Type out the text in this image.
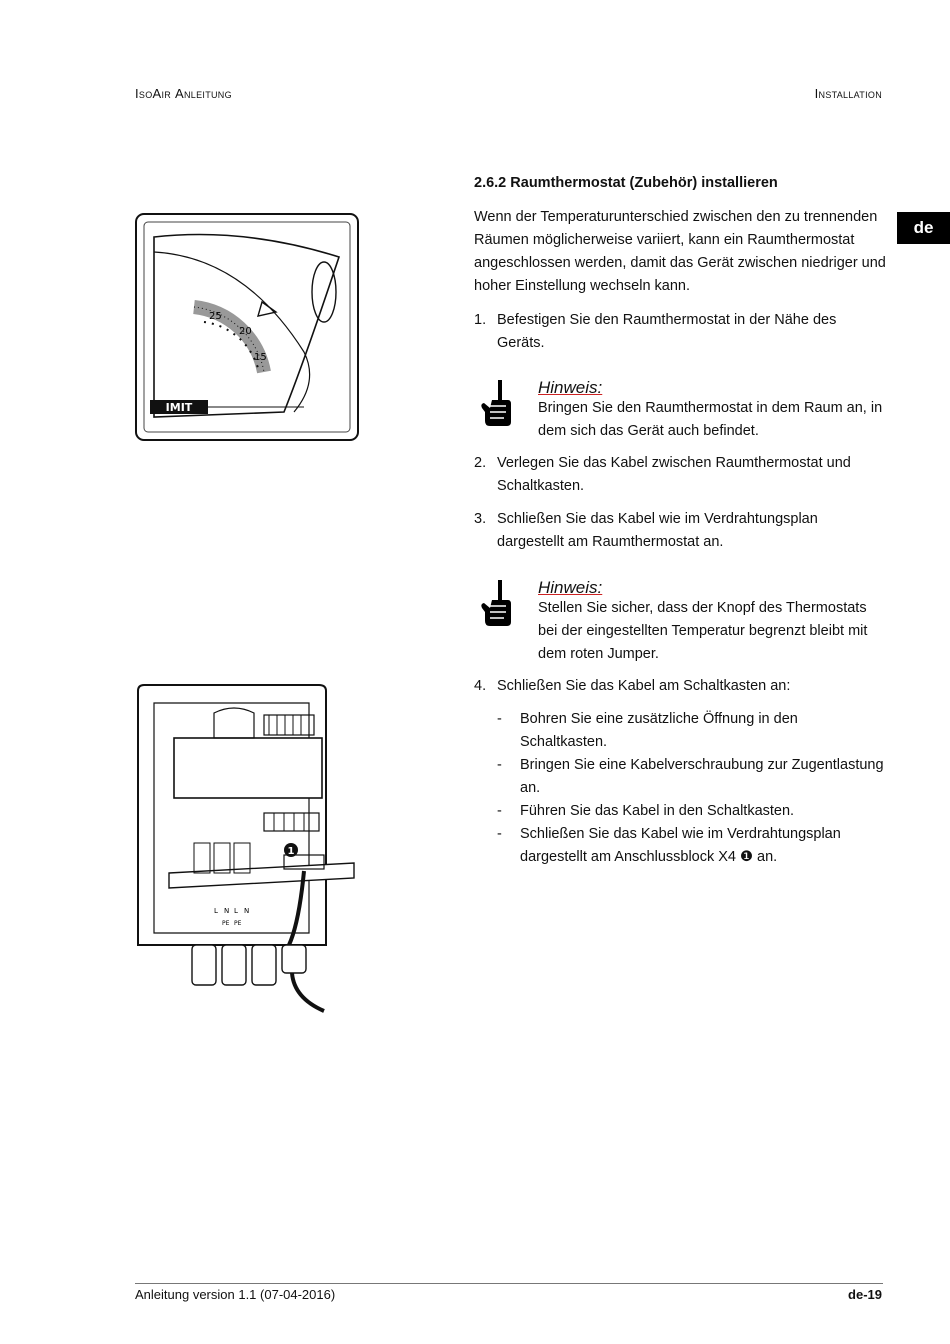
IsoAir Anleitung	Installation
de
2.6.2 Raumthermostat (Zubehör) installieren
Wenn der Temperaturunterschied zwischen den zu trennenden Räumen möglicherweise variiert, kann ein Raumthermostat angeschlossen werden, damit das Gerät zwischen niedriger und hoher Einstellung wechseln kann.
1. Befestigen Sie den Raumthermostat in der Nähe des Geräts.
Hinweis:
Bringen Sie den Raumthermostat in dem Raum an, in dem sich das Gerät auch befindet.
2. Verlegen Sie das Kabel zwischen Raumthermostat und Schaltkasten.
3. Schließen Sie das Kabel wie im Verdrahtungsplan dargestellt am Raumthermostat an.
Hinweis:
Stellen Sie sicher, dass der Knopf des Thermostats bei der eingestellten Temperatur begrenzt bleibt mit dem roten Jumper.
4. Schließen Sie das Kabel am Schaltkasten an:
- Bohren Sie eine zusätzliche Öffnung in den Schaltkasten.
- Bringen Sie eine Kabelverschraubung zur Zugentlastung an.
- Führen Sie das Kabel in den Schaltkasten.
- Schließen Sie das Kabel wie im Verdrahtungsplan dargestellt am Anschlussblock X4 ❶ an.
25
20
15
IMIT
1
L N L N
PE PE
Anleitung version 1.1 (07-04-2016)	de-19
